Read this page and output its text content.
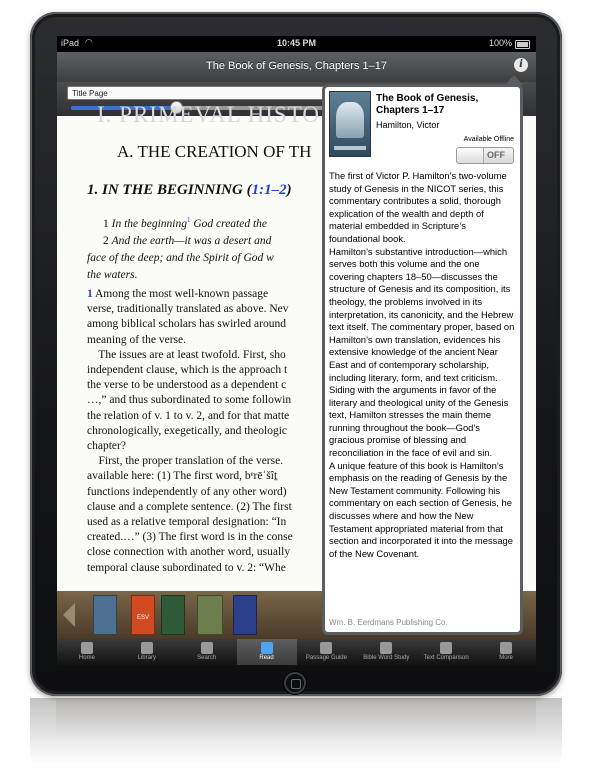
iPad ◠	10:45 PM	100%
The Book of Genesis, Chapters 1–17	i
Title Page
I. PRIMEVAL HISTO
A. THE CREATION OF TH
1. IN THE BEGINNING (1:1–2)
1 In the beginning$^1$ God created the
2 And the earth—it was a desert and
face of the deep; and the Spirit of God w
the waters.
1 Among the most well-known passage
verse, traditionally translated as above. Nev
among biblical scholars has swirled around
meaning of the verse.
The issues are at least twofold. First, sho
independent clause, which is the approach t
the verse to be understood as a dependent c
…,” and thus subordinated to some followin
the relation of v. 1 to v. 2, and for that matte
chronologically, exegetically, and theologic
chapter?
First, the proper translation of the verse.
available here: (1) The first word, bᵉrēʾšîṯ
functions independently of any other word)
clause and a complete sentence. (2) The first
used as a relative temporal designation: “In
created.…” (3) The first word is in the conse
close connection with another word, usually
temporal clause subordinated to v. 2: “Whe
ESV
Home	Library	Search	Read	Passage Guide	Bible Word Study	Text Comparison	More
The Book of Genesis, Chapters 1–17
Hamilton, Victor
Available Offline
OFF

The first of Victor P. Hamilton’s two-volume study of Genesis in the NICOT series, this commentary contributes a solid, thorough explication of the wealth and depth of material embedded in Scripture’s foundational book.

Hamilton’s substantive introduction—which serves both this volume and the one covering chapters 18–50—discusses the structure of Genesis and its composition, its theology, the problems involved in its interpretation, its canonicity, and the Hebrew text itself. The commentary proper, based on Hamilton’s own translation, evidences his extensive knowledge of the ancient Near East and of contemporary scholarship, including literary, form, and text criticism. Siding with the arguments in favor of the literary and theological unity of the Genesis text, Hamilton stresses the main theme running throughout the book—God’s gracious promise of blessing and reconciliation in the face of evil and sin.

A unique feature of this book is Hamilton’s emphasis on the reading of Genesis by the New Testament community. Following his commentary on each section of Genesis, he discusses where and how the New Testament appropriated material from that section and incorporated it into the message of the New Covenant.

Wm. B. Eerdmans Publishing Co.
